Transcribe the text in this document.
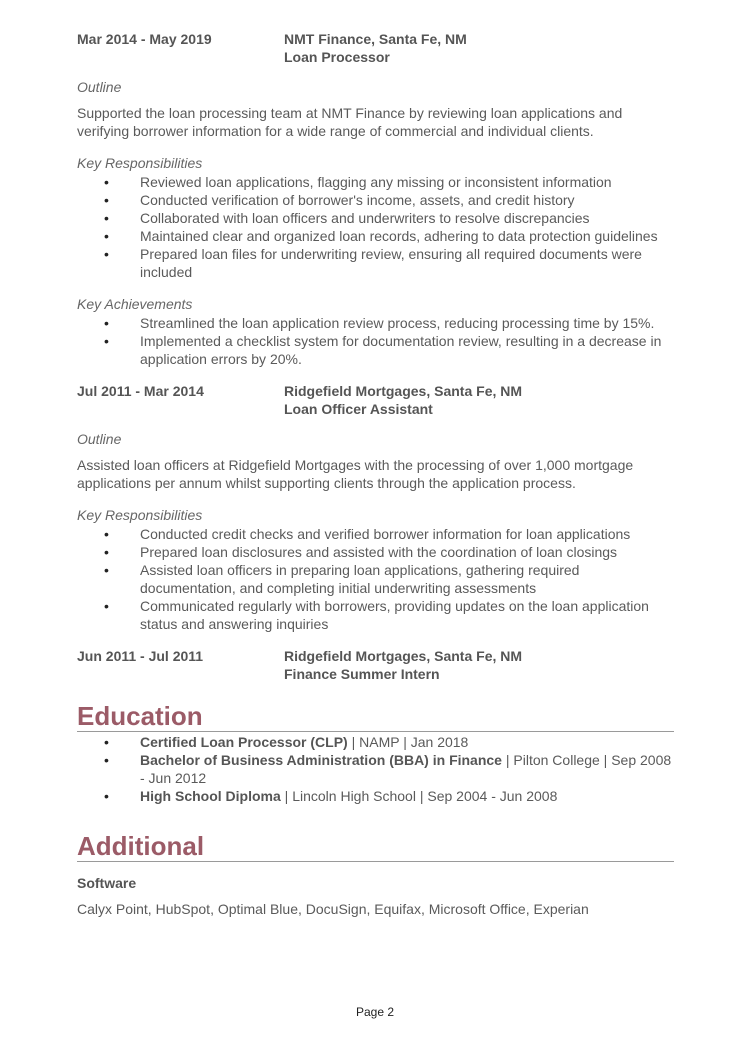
Mar 2014 - May 2019	NMT Finance, Santa Fe, NM
Loan Processor
Outline
Supported the loan processing team at NMT Finance by reviewing loan applications and verifying borrower information for a wide range of commercial and individual clients.
Key Responsibilities
• Reviewed loan applications, flagging any missing or inconsistent information
• Conducted verification of borrower's income, assets, and credit history
• Collaborated with loan officers and underwriters to resolve discrepancies
• Maintained clear and organized loan records, adhering to data protection guidelines
• Prepared loan files for underwriting review, ensuring all required documents were included
Key Achievements
• Streamlined the loan application review process, reducing processing time by 15%.
• Implemented a checklist system for documentation review, resulting in a decrease in application errors by 20%.
Jul 2011 - Mar 2014	Ridgefield Mortgages, Santa Fe, NM
Loan Officer Assistant
Outline
Assisted loan officers at Ridgefield Mortgages with the processing of over 1,000 mortgage applications per annum whilst supporting clients through the application process.
Key Responsibilities
• Conducted credit checks and verified borrower information for loan applications
• Prepared loan disclosures and assisted with the coordination of loan closings
• Assisted loan officers in preparing loan applications, gathering required documentation, and completing initial underwriting assessments
• Communicated regularly with borrowers, providing updates on the loan application status and answering inquiries
Jun 2011 - Jul 2011	Ridgefield Mortgages, Santa Fe, NM
Finance Summer Intern
Education
• Certified Loan Processor (CLP) | NAMP | Jan 2018
• Bachelor of Business Administration (BBA) in Finance | Pilton College | Sep 2008 - Jun 2012
• High School Diploma | Lincoln High School | Sep 2004 - Jun 2008
Additional
Software
Calyx Point, HubSpot, Optimal Blue, DocuSign, Equifax, Microsoft Office, Experian
Page 2
